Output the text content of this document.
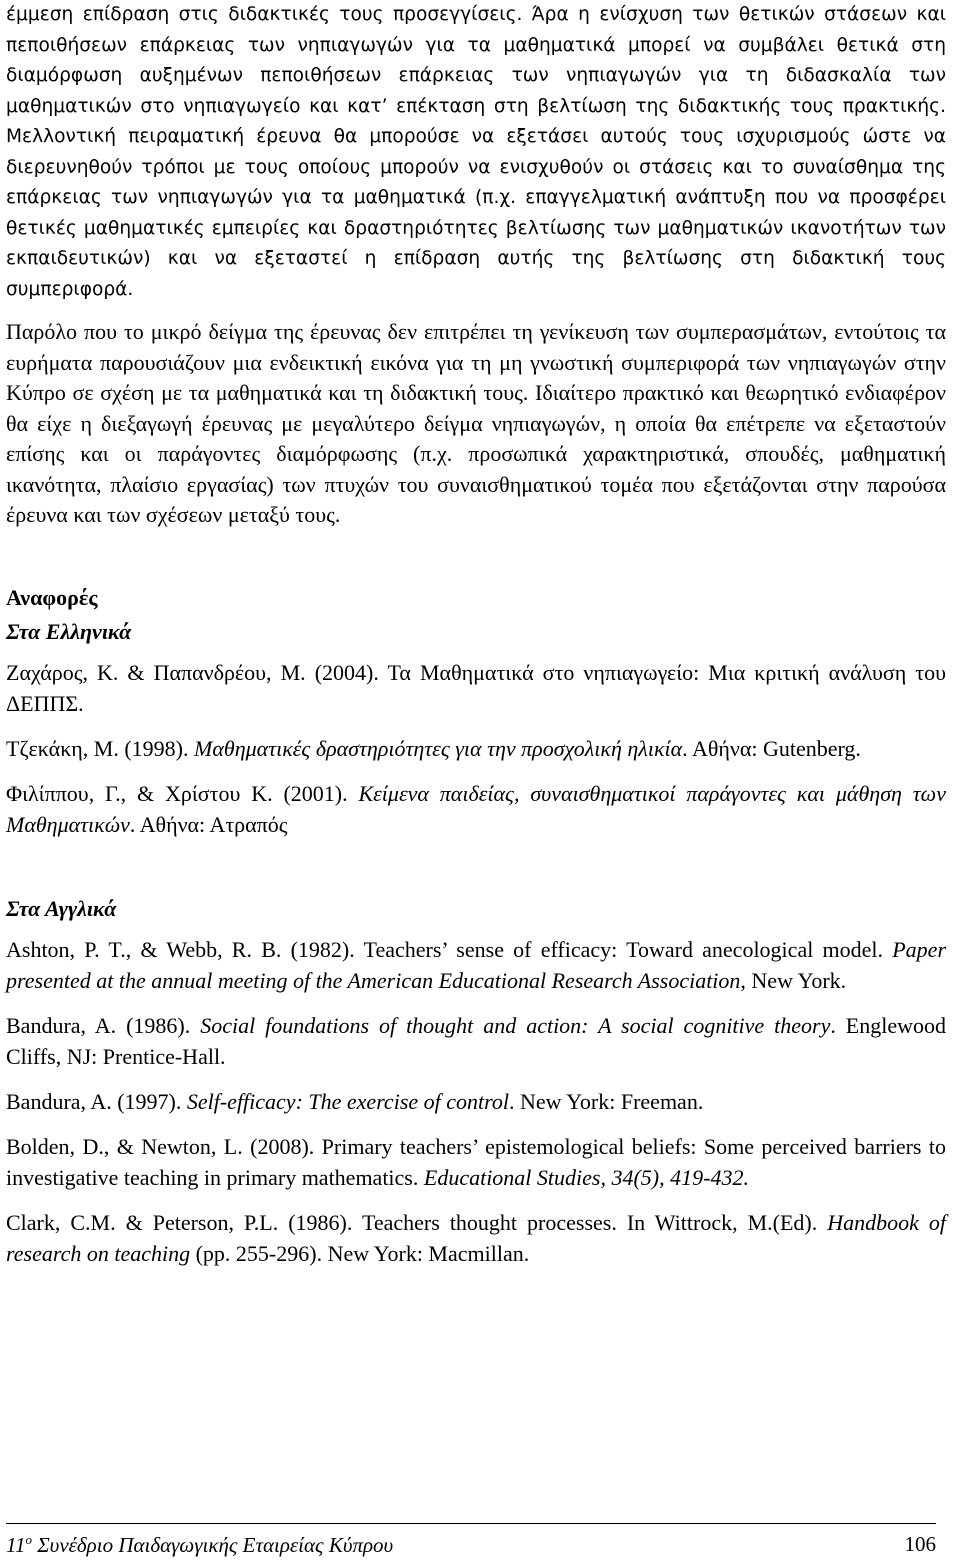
έμμεση επίδραση στις διδακτικές τους προσεγγίσεις. Άρα η ενίσχυση των θετικών στάσεων και πεποιθήσεων επάρκειας των νηπιαγωγών για τα μαθηματικά μπορεί να συμβάλει θετικά στη διαμόρφωση αυξημένων πεποιθήσεων επάρκειας των νηπιαγωγών για τη διδασκαλία των μαθηματικών στο νηπιαγωγείο και κατ’ επέκταση στη βελτίωση της διδακτικής τους πρακτικής. Μελλοντική πειραματική έρευνα θα μπορούσε να εξετάσει αυτούς τους ισχυρισμούς ώστε να διερευνηθούν τρόποι με τους οποίους μπορούν να ενισχυθούν οι στάσεις και το συναίσθημα της επάρκειας των νηπιαγωγών για τα μαθηματικά (π.χ. επαγγελματική ανάπτυξη που να προσφέρει θετικές μαθηματικές εμπειρίες και δραστηριότητες βελτίωσης των μαθηματικών ικανοτήτων των εκπαιδευτικών) και να εξεταστεί η επίδραση αυτής της βελτίωσης στη διδακτική τους συμπεριφορά.

Παρόλο που το μικρό δείγμα της έρευνας δεν επιτρέπει τη γενίκευση των συμπερασμάτων, εντούτοις τα ευρήματα παρουσιάζουν μια ενδεικτική εικόνα για τη μη γνωστική συμπεριφορά των νηπιαγωγών στην Κύπρο σε σχέση με τα μαθηματικά και τη διδακτική τους. Ιδιαίτερο πρακτικό και θεωρητικό ενδιαφέρον θα είχε η διεξαγωγή έρευνας με μεγαλύτερο δείγμα νηπιαγωγών, η οποία θα επέτρεπε να εξεταστούν επίσης και οι παράγοντες διαμόρφωσης (π.χ. προσωπικά χαρακτηριστικά, σπουδές, μαθηματική ικανότητα, πλαίσιο εργασίας) των πτυχών του συναισθηματικού τομέα που εξετάζονται στην παρούσα έρευνα και των σχέσεων μεταξύ τους.

Αναφορές
Στα Ελληνικά

Ζαχάρος, Κ. & Παπανδρέου, Μ. (2004). Τα Μαθηματικά στο νηπιαγωγείο: Μια κριτική ανάλυση του ΔΕΠΠΣ.

Τζεκάκη, Μ. (1998). Μαθηματικές δραστηριότητες για την προσχολική ηλικία. Αθήνα: Gutenberg.

Φιλίππου, Γ., & Χρίστου Κ. (2001). Κείμενα παιδείας, συναισθηματικοί παράγοντες και μάθηση των Μαθηματικών. Αθήνα: Ατραπός

Στα Αγγλικά

Ashton, P. T., & Webb, R. B. (1982). Teachers’ sense of efficacy: Toward anecological model. Paper presented at the annual meeting of the American Educational Research Association, New York.

Bandura, A. (1986). Social foundations of thought and action: A social cognitive theory. Englewood Cliffs, NJ: Prentice-Hall.

Bandura, A. (1997). Self-efficacy: The exercise of control. New York: Freeman.

Bolden, D., & Newton, L. (2008). Primary teachers’ epistemological beliefs: Some perceived barriers to investigative teaching in primary mathematics. Educational Studies, 34(5), 419-432.

Clark, C.M. & Peterson, P.L. (1986). Teachers thought processes. In Wittrock, M.(Ed). Handbook of research on teaching (pp. 255-296). New York: Macmillan.

$11^o$ Συνέδριο Παιδαγωγικής Εταιρείας Κύπρου	106
